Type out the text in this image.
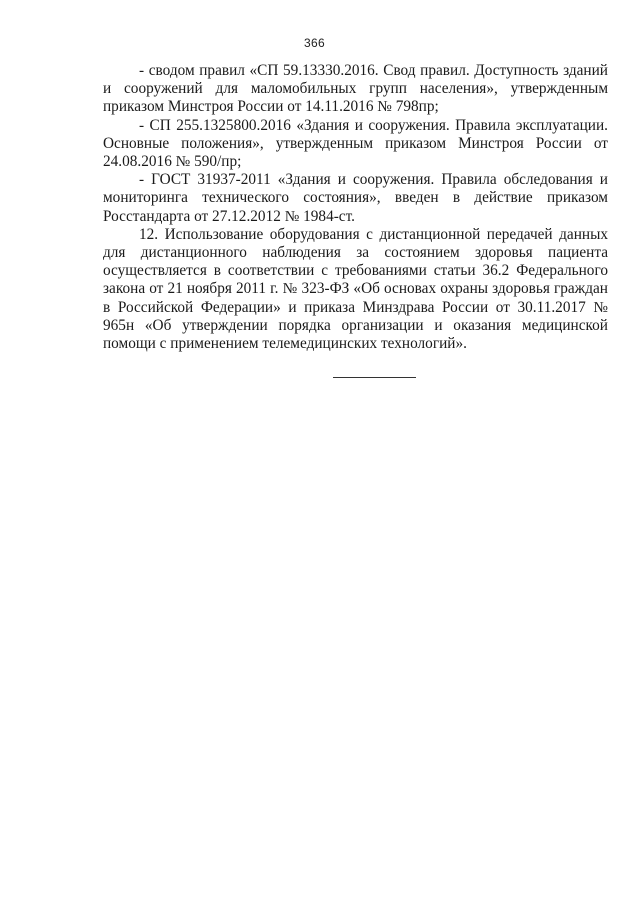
366

- сводом правил «СП 59.13330.2016. Свод правил. Доступность зданий и сооружений для маломобильных групп населения», утвержденным приказом Минстроя России от 14.11.2016 № 798пр;

- СП 255.1325800.2016 «Здания и сооружения. Правила эксплуатации. Основные положения», утвержденным приказом Минстроя России от 24.08.2016 № 590/пр;

- ГОСТ 31937-2011 «Здания и сооружения. Правила обследования и мониторинга технического состояния», введен в действие приказом Росстандарта от 27.12.2012 № 1984-ст.

12. Использование оборудования с дистанционной передачей данных для дистанционного наблюдения за состоянием здоровья пациента осуществляется в соответствии с требованиями статьи 36.2 Федерального закона от 21 ноября 2011 г. № 323-ФЗ «Об основах охраны здоровья граждан в Российской Федерации» и приказа Минздрава России от 30.11.2017 № 965н «Об утверждении порядка организации и оказания медицинской помощи с применением телемедицинских технологий».
